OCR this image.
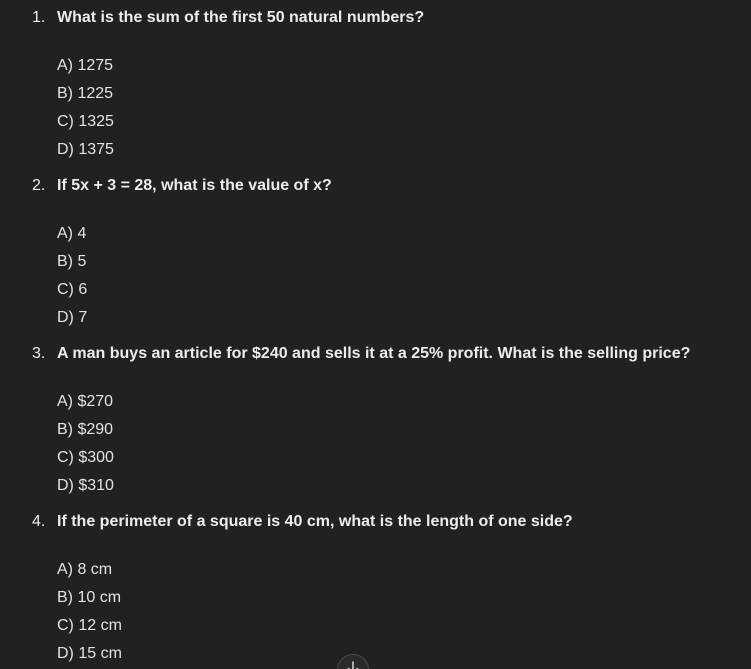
1. What is the sum of the first 50 natural numbers?
A) 1275
B) 1225
C) 1325
D) 1375
2. If 5x + 3 = 28, what is the value of x?
A) 4
B) 5
C) 6
D) 7
3. A man buys an article for $240 and sells it at a 25% profit. What is the selling price?
A) $270
B) $290
C) $300
D) $310
4. If the perimeter of a square is 40 cm, what is the length of one side?
A) 8 cm
B) 10 cm
C) 12 cm
D) 15 cm
